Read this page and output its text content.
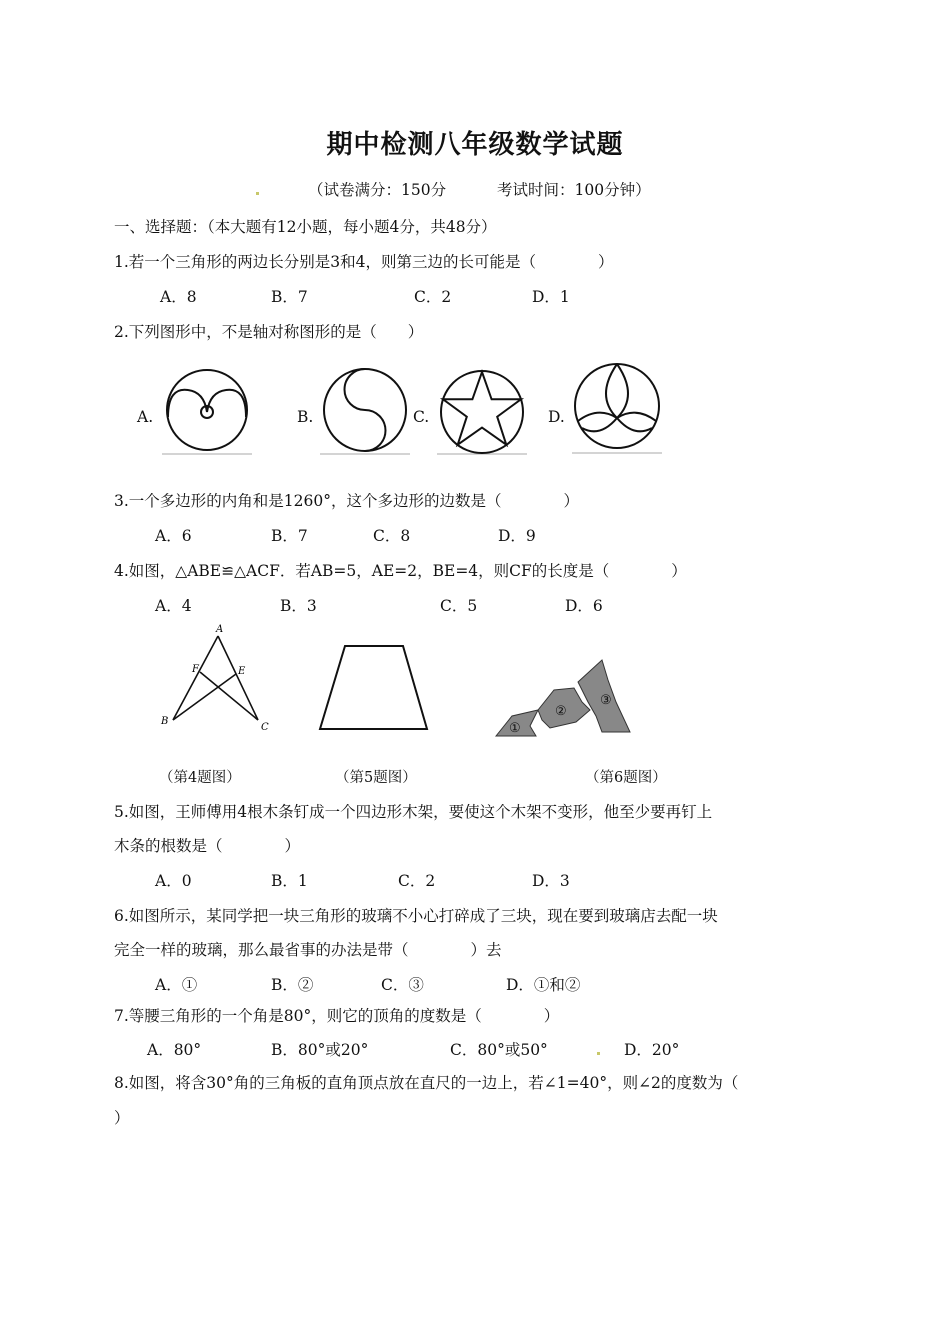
期中检测八年级数学试题
（试卷满分：150分	考试时间：100分钟）
一、选择题：（本大题有12小题，每小题4分，共48分）
1.若一个三角形的两边长分别是3和4，则第三边的长可能是（　　　　）
A．8	B．7	C．2	D．1
2.下列图形中，不是轴对称图形的是（　　）
A.	B.	C.	D.
3.一个多边形的内角和是1260°，这个多边形的边数是（　　　　）
A．6	B．7	C．8	D．9
4.如图，△ABE≌△ACF．若AB=5，AE=2，BE=4，则CF的长度是（　　　　）
A．4	B．3	C．5	D．6
A
F	E
B
C	①
②
③
（第4题图）	（第5题图）	（第6题图）
5.如图，王师傅用4根木条钉成一个四边形木架，要使这个木架不变形，他至少要再钉上
木条的根数是（　　　　）
A．0	B．1	C．2	D．3
6.如图所示，某同学把一块三角形的玻璃不小心打碎成了三块，现在要到玻璃店去配一块
完全一样的玻璃，那么最省事的办法是带（　　　　）去
A．①	B．②	C．③	D．①和②
7.等腰三角形的一个角是80°，则它的顶角的度数是（　　　　）
A．80°	B．80°或20°	C．80°或50°	D．20°
8.如图，将含30°角的三角板的直角顶点放在直尺的一边上，若∠1=40°，则∠2的度数为（
）
